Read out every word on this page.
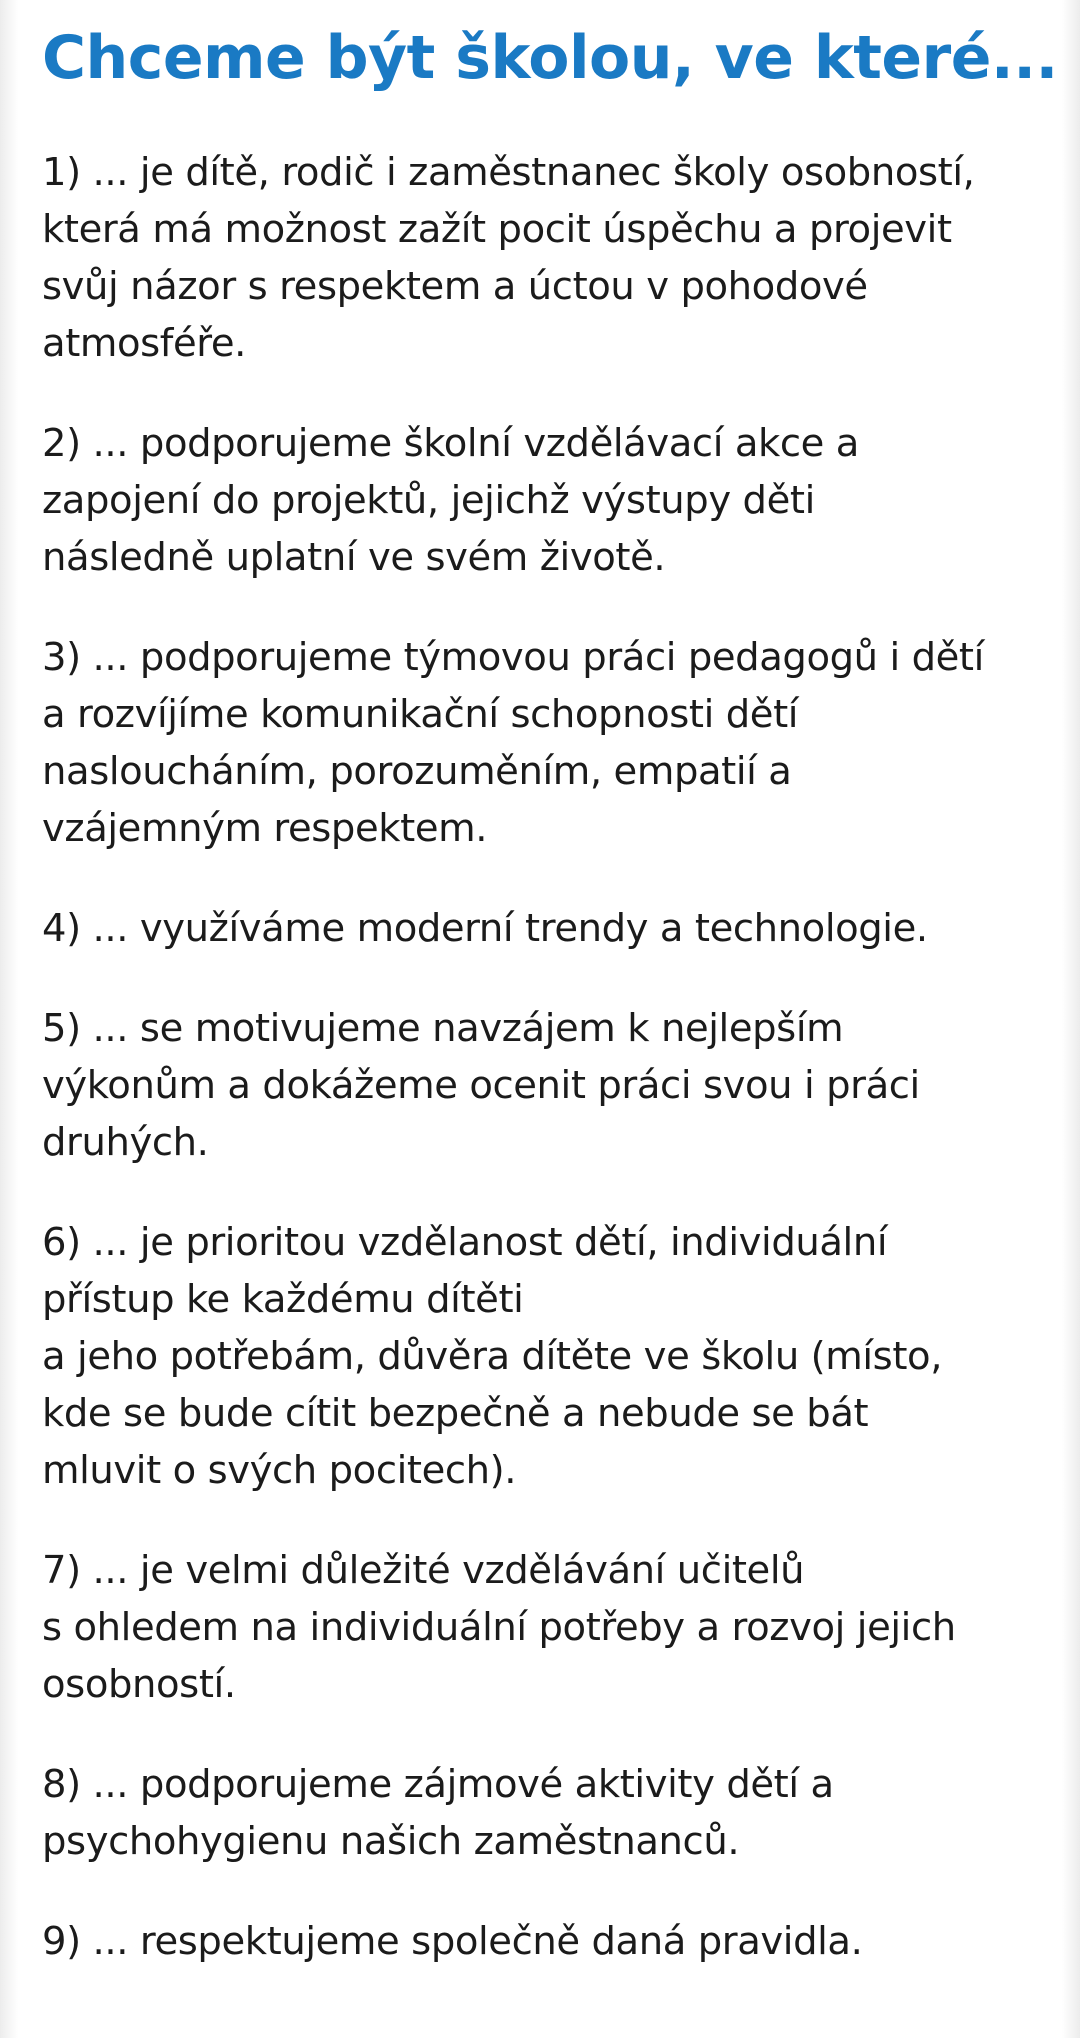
Chceme být školou, ve které...

1) ... je dítě, rodič i zaměstnanec školy osobností,
která má možnost zažít pocit úspěchu a projevit
svůj názor s respektem a úctou v pohodové
atmosféře.

2) ... podporujeme školní vzdělávací akce a
zapojení do projektů, jejichž výstupy děti
následně uplatní ve svém životě.

3) ... podporujeme týmovou práci pedagogů i dětí
a rozvíjíme komunikační schopnosti dětí
nasloucháním, porozuměním, empatií a
vzájemným respektem.

4) ... využíváme moderní trendy a technologie.

5) ... se motivujeme navzájem k nejlepším
výkonům a dokážeme ocenit práci svou i práci
druhých.

6) ... je prioritou vzdělanost dětí, individuální
přístup ke každému dítěti
a jeho potřebám, důvěra dítěte ve školu (místo,
kde se bude cítit bezpečně a nebude se bát
mluvit o svých pocitech).

7) ... je velmi důležité vzdělávání učitelů
s ohledem na individuální potřeby a rozvoj jejich
osobností.

8) ... podporujeme zájmové aktivity dětí a
psychohygienu našich zaměstnanců.

9) ... respektujeme společně daná pravidla.
